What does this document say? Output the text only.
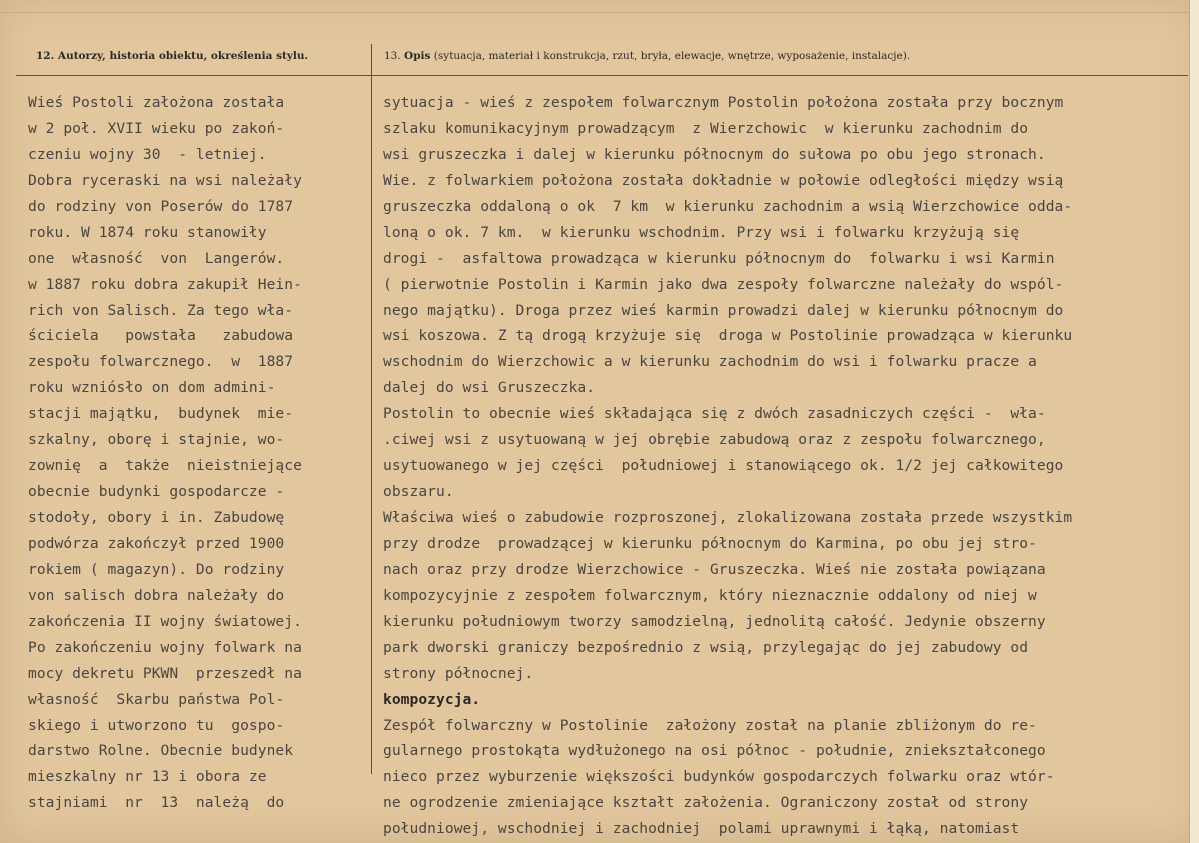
12. Autorzy, historia obiektu, określenia stylu.	13. Opis (sytuacja, materiał i konstrukcja, rzut, bryła, elewacje, wnętrze, wyposażenie, instalacje).
Wieś Postoli założona została
w 2 poł. XVII wieku po zakoń-
czeniu wojny 30  - letniej.
Dobra ryceraski na wsi należały
do rodziny von Poserów do 1787
roku. W 1874 roku stanowiły
one  własność  von  Langerów.
w 1887 roku dobra zakupił Hein-
rich von Salisch. Za tego wła-
ściciela   powstała   zabudowa
zespołu folwarcznego.  w  1887
roku wzniósło on dom admini-
stacji majątku,  budynek  mie-
szkalny, oborę i stajnie, wo-
zownię  a  także  nieistniejące
obecnie budynki gospodarcze -
stodoły, obory i in. Zabudowę
podwórza zakończył przed 1900
rokiem ( magazyn). Do rodziny
von salisch dobra należały do
zakończenia II wojny światowej.
Po zakończeniu wojny folwark na
mocy dekretu PKWN  przeszedł na
własność  Skarbu państwa Pol-
skiego i utworzono tu  gospo-
darstwo Rolne. Obecnie budynek
mieszkalny nr 13 i obora ze
stajniami  nr  13  należą  do
sytuacja - wieś z zespołem folwarcznym Postolin położona została przy bocznym
szlaku komunikacyjnym prowadzącym  z Wierzchowic  w kierunku zachodnim do
wsi gruszeczka i dalej w kierunku północnym do sułowa po obu jego stronach.
Wie. z folwarkiem położona została dokładnie w połowie odległości między wsią
gruszeczka oddaloną o ok  7 km  w kierunku zachodnim a wsią Wierzchowice odda-
loną o ok. 7 km.  w kierunku wschodnim. Przy wsi i folwarku krzyżują się
drogi -  asfaltowa prowadząca w kierunku północnym do  folwarku i wsi Karmin
( pierwotnie Postolin i Karmin jako dwa zespoły folwarczne należały do wspól-
nego majątku). Droga przez wieś karmin prowadzi dalej w kierunku północnym do
wsi koszowa. Z tą drogą krzyżuje się  droga w Postolinie prowadząca w kierunku
wschodnim do Wierzchowic a w kierunku zachodnim do wsi i folwarku pracze a
dalej do wsi Gruszeczka.
Postolin to obecnie wieś składająca się z dwóch zasadniczych części -  wła-
.ciwej wsi z usytuowaną w jej obrębie zabudową oraz z zespołu folwarcznego,
usytuowanego w jej części  południowej i stanowiącego ok. 1/2 jej całkowitego
obszaru.
Właściwa wieś o zabudowie rozproszonej, zlokalizowana została przede wszystkim
przy drodze  prowadzącej w kierunku północnym do Karmina, po obu jej stro-
nach oraz przy drodze Wierzchowice - Gruszeczka. Wieś nie została powiązana
kompozycyjnie z zespołem folwarcznym, który nieznacznie oddalony od niej w
kierunku południowym tworzy samodzielną, jednolitą całość. Jedynie obszerny
park dworski graniczy bezpośrednio z wsią, przylegając do jej zabudowy od
strony północnej.
kompozycja.
Zespół folwarczny w Postolinie  założony został na planie zbliżonym do re-
gularnego prostokąta wydłużonego na osi północ - południe, zniekształconego
nieco przez wyburzenie większości budynków gospodarczych folwarku oraz wtór-
ne ogrodzenie zmieniające kształt założenia. Ograniczony został od strony
południowej, wschodniej i zachodniej  polami uprawnymi i łąką, natomiast
